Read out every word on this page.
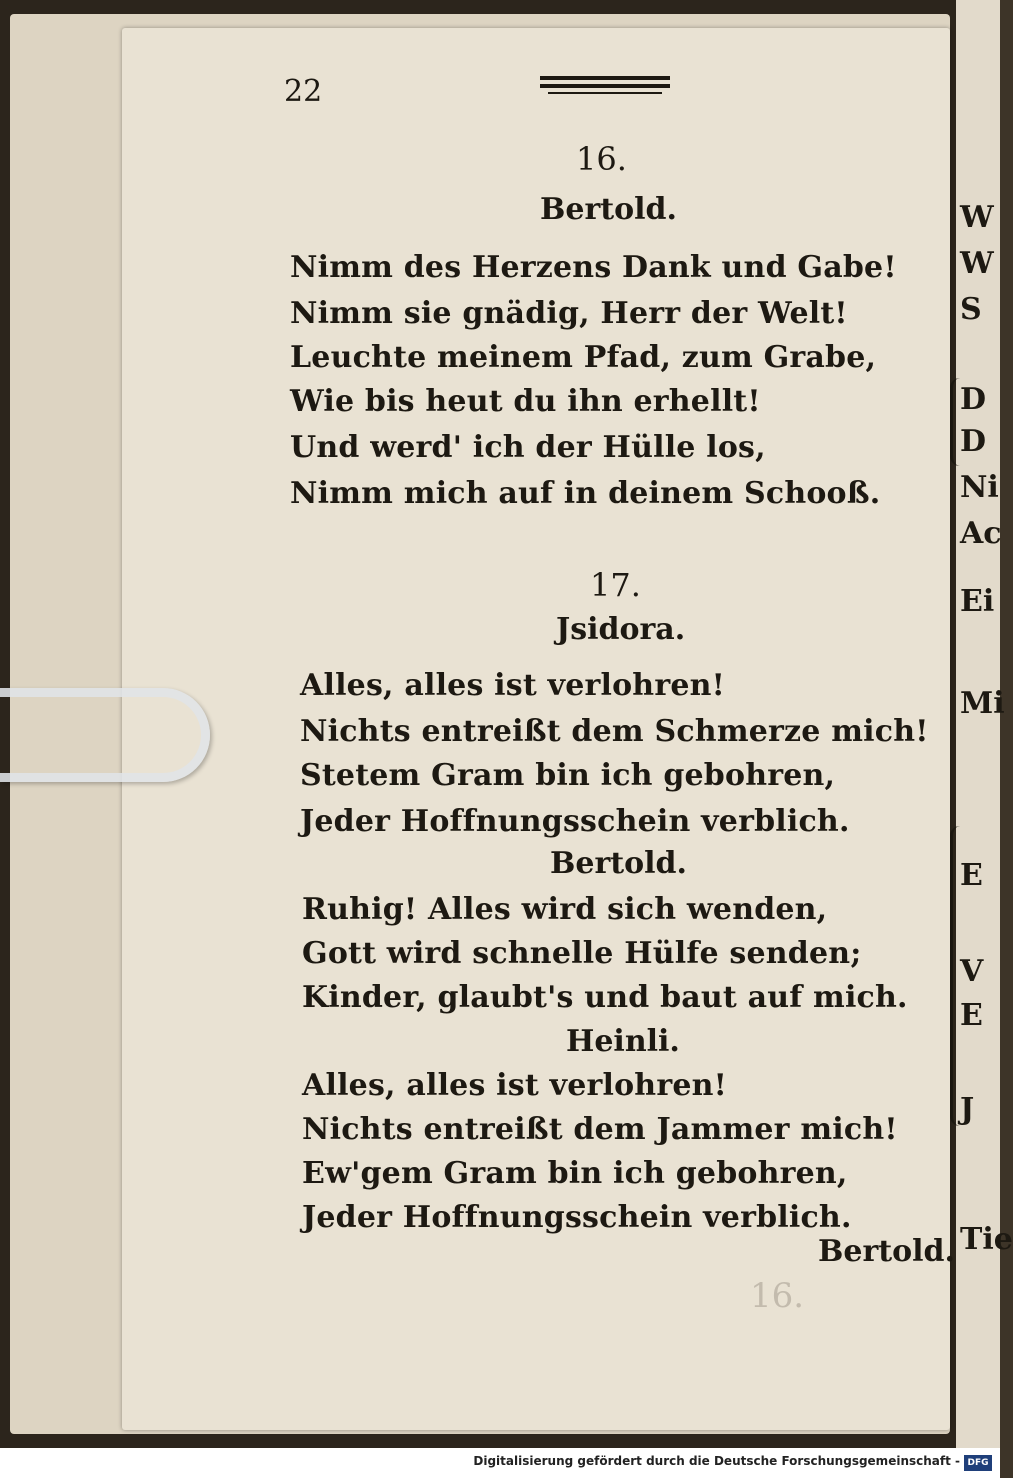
W
W
S
D
D
Ni
Ac
Ei
Mi
E
V
E
J
Tie
22
16.
Bertold.
Nimm des Herzens Dank und Gabe!
Nimm sie gnädig, Herr der Welt!
Leuchte meinem Pfad, zum Grabe,
Wie bis heut du ihn erhellt!
Und werd' ich der Hülle los,
Nimm mich auf in deinem Schooß.
17.
Jsidora.
Alles, alles ist verlohren!
Nichts entreißt dem Schmerze mich!
Stetem Gram bin ich gebohren,
Jeder Hoffnungsschein verblich.
Bertold.
Ruhig! Alles wird sich wenden,
Gott wird schnelle Hülfe senden;
Kinder, glaubt's und baut auf mich.
Heinli.
Alles, alles ist verlohren!
Nichts entreißt dem Jammer mich!
Ew'gem Gram bin ich gebohren,
Jeder Hoffnungsschein verblich.
Bertold.
16.
Digitalisierung gefördert durch die Deutsche Forschungsgemeinschaft - DFG
